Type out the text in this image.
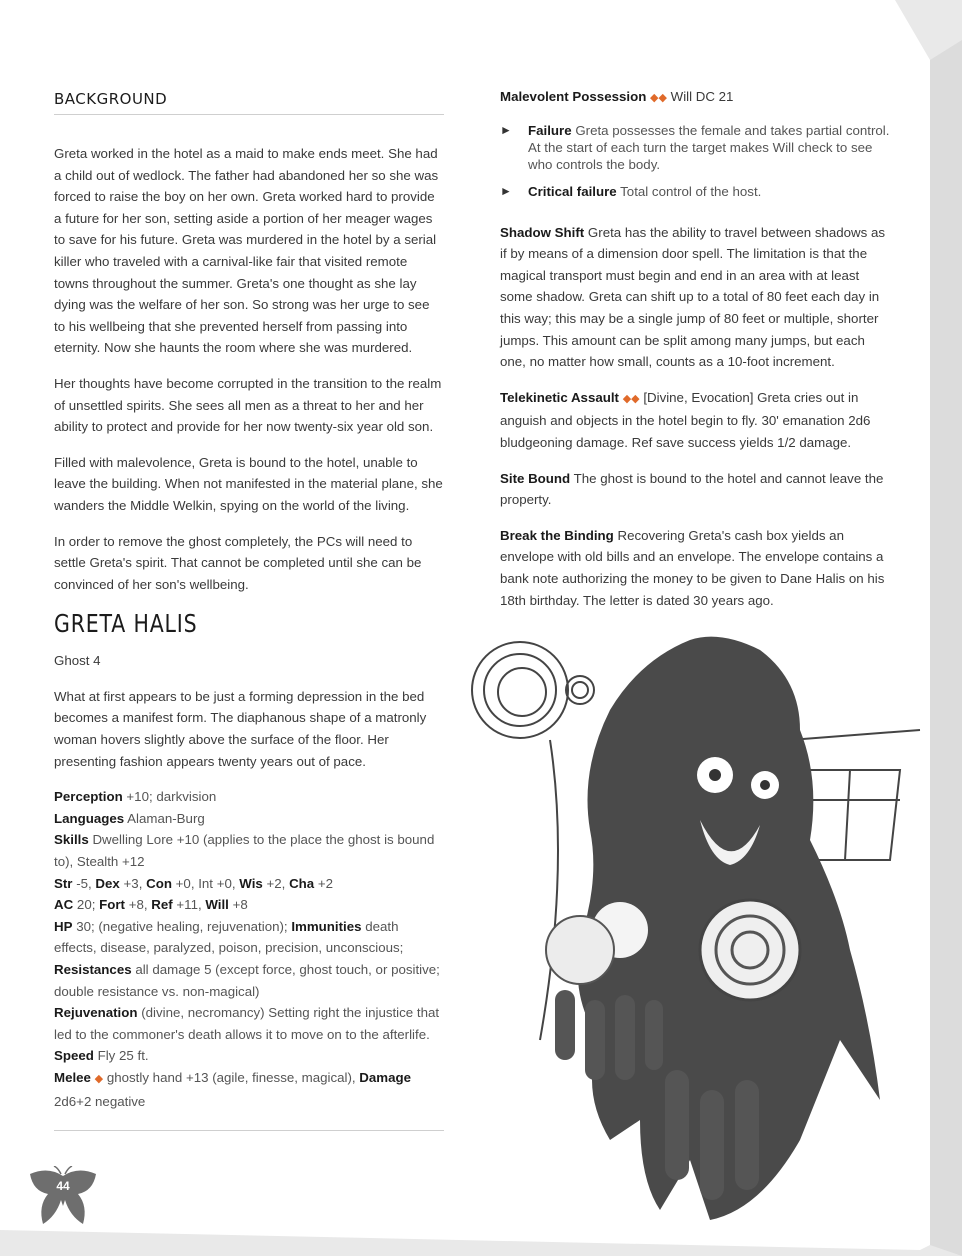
BACKGROUND

Greta worked in the hotel as a maid to make ends meet. She had a child out of wedlock. The father had abandoned her so she was forced to raise the boy on her own. Greta worked hard to provide a future for her son, setting aside a portion of her meager wages to save for his future. Greta was murdered in the hotel by a serial killer who traveled with a carnival-like fair that visited remote towns throughout the summer. Greta's one thought as she lay dying was the welfare of her son. So strong was her urge to see to his wellbeing that she prevented herself from passing into eternity. Now she haunts the room where she was murdered.

Her thoughts have become corrupted in the transition to the realm of unsettled spirits. She sees all men as a threat to her and her ability to protect and provide for her now twenty-six year old son.

Filled with malevolence, Greta is bound to the hotel, unable to leave the building. When not manifested in the material plane, she wanders the Middle Welkin, spying on the world of the living.

In order to remove the ghost completely, the PCs will need to settle Greta's spirit. That cannot be completed until she can be convinced of her son's wellbeing.

GRETA HALIS

Ghost 4

What at first appears to be just a forming depression in the bed becomes a manifest form. The diaphanous shape of a matronly woman hovers slightly above the surface of the floor. Her presenting fashion appears twenty years out of pace.

Perception +10; darkvision
Languages Alaman-Burg
Skills Dwelling Lore +10 (applies to the place the ghost is bound to), Stealth +12
Str -5, Dex +3, Con +0, Int +0, Wis +2, Cha +2
AC 20; Fort +8, Ref +11, Will +8
HP 30; (negative healing, rejuvenation); Immunities death effects, disease, paralyzed, poison, precision, unconscious; Resistances all damage 5 (except force, ghost touch, or positive; double resistance vs. non-magical)
Rejuvenation (divine, necromancy) Setting right the injustice that led to the commoner's death allows it to move on to the afterlife.
Speed Fly 25 ft.
Melee ◆ ghostly hand +13 (agile, finesse, magical), Damage 2d6+2 negative

Malevolent Possession ◆◆ Will DC 21

►	Failure Greta possesses the female and takes partial control. At the start of each turn the target makes Will check to see who controls the body.
►	Critical failure Total control of the host.

Shadow Shift Greta has the ability to travel between shadows as if by means of a dimension door spell. The limitation is that the magical transport must begin and end in an area with at least some shadow. Greta can shift up to a total of 80 feet each day in this way; this may be a single jump of 80 feet or multiple, shorter jumps. This amount can be split among many jumps, but each one, no matter how small, counts as a 10-foot increment.

Telekinetic Assault ◆◆ [Divine, Evocation] Greta cries out in anguish and objects in the hotel begin to fly. 30' emanation 2d6 bludgeoning damage. Ref save success yields 1/2 damage.

Site Bound The ghost is bound to the hotel and cannot leave the property.

Break the Binding Recovering Greta's cash box yields an envelope with old bills and an envelope. The envelope contains a bank note authorizing the money to be given to Dane Halis on his 18th birthday. The letter is dated 30 years ago.

44
